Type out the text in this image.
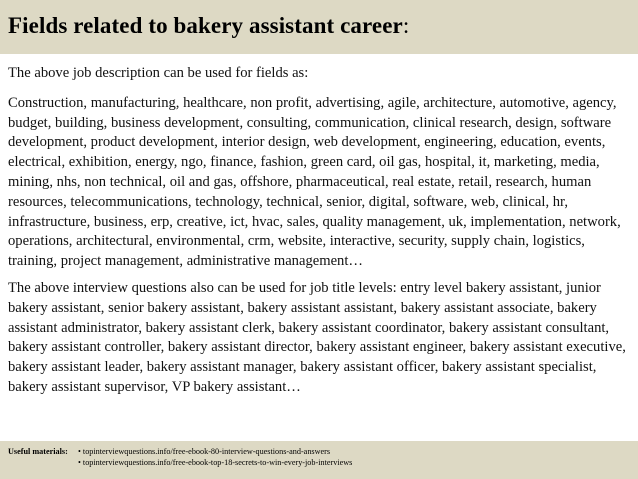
Fields related to bakery assistant career:

The above job description can be used for fields as:

Construction, manufacturing, healthcare, non profit, advertising, agile, architecture, automotive, agency, budget, building, business development, consulting, communication, clinical research, design, software development, product development, interior design, web development, engineering, education, events, electrical, exhibition, energy, ngo, finance, fashion, green card, oil gas, hospital, it, marketing, media, mining, nhs, non technical, oil and gas, offshore, pharmaceutical, real estate, retail, research, human resources, telecommunications, technology, technical, senior, digital, software, web, clinical, hr, infrastructure, business, erp, creative, ict, hvac, sales, quality management, uk, implementation, network, operations, architectural, environmental, crm, website, interactive, security, supply chain, logistics, training, project management, administrative management…

The above interview questions also can be used for job title levels: entry level bakery assistant, junior bakery assistant, senior bakery assistant, bakery assistant assistant, bakery assistant associate, bakery assistant administrator, bakery assistant clerk, bakery assistant coordinator, bakery assistant consultant, bakery assistant controller, bakery assistant director, bakery assistant engineer, bakery assistant executive, bakery assistant leader, bakery assistant manager, bakery assistant officer, bakery assistant specialist, bakery assistant supervisor, VP bakery assistant…

Useful materials:• topinterviewquestions.info/free-ebook-80-interview-questions-and-answers
• topinterviewquestions.info/free-ebook-top-18-secrets-to-win-every-job-interviews
